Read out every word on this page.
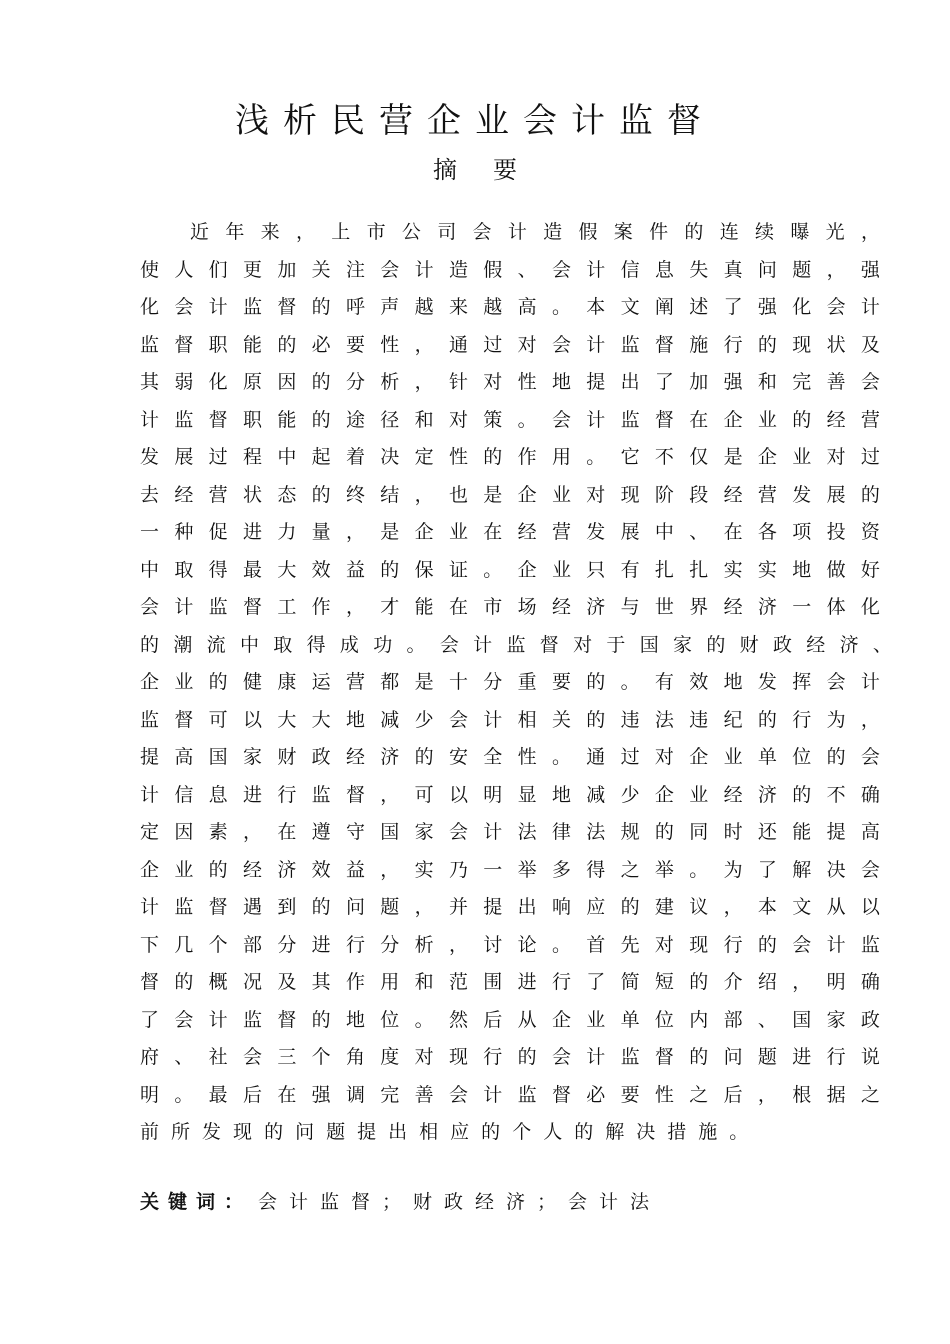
浅析民营企业会计监督
摘要
近 年 来 ， 上 市 公 司 会 计 造 假 案 件 的 连 续 曝 光 ，
使 人 们 更 加 关 注 会 计 造 假 、 会 计 信 息 失 真 问 题 ， 强
化 会 计 监 督 的 呼 声 越 来 越 高 。 本 文 阐 述 了 强 化 会 计
监 督 职 能 的 必 要 性 ， 通 过 对 会 计 监 督 施 行 的 现 状 及
其 弱 化 原 因 的 分 析 ， 针 对 性 地 提 出 了 加 强 和 完 善 会
计 监 督 职 能 的 途 径 和 对 策 。 会 计 监 督 在 企 业 的 经 营
发 展 过 程 中 起 着 决 定 性 的 作 用 。 它 不 仅 是 企 业 对 过
去 经 营 状 态 的 终 结 ， 也 是 企 业 对 现 阶 段 经 营 发 展 的
一 种 促 进 力 量 ， 是 企 业 在 经 营 发 展 中 、 在 各 项 投 资
中 取 得 最 大 效 益 的 保 证 。 企 业 只 有 扎 扎 实 实 地 做 好
会 计 监 督 工 作 ， 才 能 在 市 场 经 济 与 世 界 经 济 一 体 化
的 潮 流 中 取 得 成 功 。 会 计 监 督 对 于 国 家 的 财 政 经 济 、
企 业 的 健 康 运 营 都 是 十 分 重 要 的 。 有 效 地 发 挥 会 计
监 督 可 以 大 大 地 减 少 会 计 相 关 的 违 法 违 纪 的 行 为 ，
提 高 国 家 财 政 经 济 的 安 全 性 。 通 过 对 企 业 单 位 的 会
计 信 息 进 行 监 督 ， 可 以 明 显 地 减 少 企 业 经 济 的 不 确
定 因 素 ， 在 遵 守 国 家 会 计 法 律 法 规 的 同 时 还 能 提 高
企 业 的 经 济 效 益 ， 实 乃 一 举 多 得 之 举 。 为 了 解 决 会
计 监 督 遇 到 的 问 题 ， 并 提 出 响 应 的 建 议 ， 本 文 从 以
下 几 个 部 分 进 行 分 析 ， 讨 论 。 首 先 对 现 行 的 会 计 监
督 的 概 况 及 其 作 用 和 范 围 进 行 了 简 短 的 介 绍 ， 明 确
了 会 计 监 督 的 地 位 。 然 后 从 企 业 单 位 内 部 、 国 家 政
府 、 社 会 三 个 角 度 对 现 行 的 会 计 监 督 的 问 题 进 行 说
明 。 最 后 在 强 调 完 善 会 计 监 督 必 要 性 之 后 ， 根 据 之
前 所 发 现 的 问 题 提 出 相 应 的 个 人 的 解 决 措 施 。
关键词： 会计监督；财政经济；会计法
